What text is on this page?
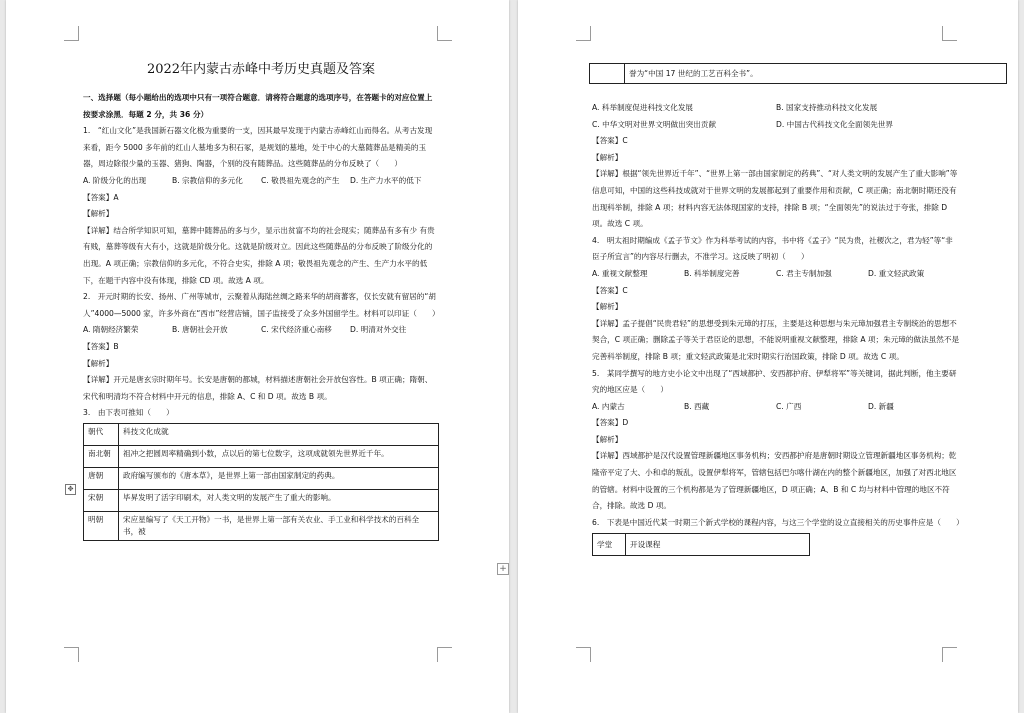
2022年内蒙古赤峰中考历史真题及答案

一、选择题（每小题给出的选项中只有一项符合题意．请将符合题意的选项序号，在答题卡的对应位置上按要求涂黑．每题 2 分，共 36 分）

1.　“红山文化”是我国新石器文化极为重要的一支，因其最早发现于内蒙古赤峰红山而得名。从考古发现来看，距今 5000 多年前的红山人墓地多为积石冢，是规划的墓地，处于中心的大墓随葬品是精美的玉器，周边除很少量的玉器、猪狗、陶器，个别的没有随葬品。这些随葬品的分布反映了（　　）

A. 阶级分化的出现	B. 宗教信仰的多元化	C. 敬畏祖先观念的产生	D. 生产力水平的低下

【答案】A

【解析】

【详解】结合所学知识可知，墓葬中随葬品的多与少，显示出贫富不均的社会现实；随葬品有多有少 有贵有贱，墓葬等级有大有小，这就是阶级分化。这就是阶级对立。因此这些随葬品的分布反映了阶级分化的出现。A 项正确；宗教信仰的多元化，不符合史实，排除 A 项；敬畏祖先观念的产生、生产力水平的低下，在题干内容中没有体现，排除 CD 项。故选 A 项。

2.　开元时期的长安、扬州、广州等城市，云聚着从海陆丝绸之路来华的胡商蕃客，仅长安就有留居的“胡人”4000—5000 家，许多外商在“西市”经营店铺，国子监接受了众多外国留学生。材料可以印证（　　）

A. 隋朝经济繁荣	B. 唐朝社会开放	C. 宋代经济重心南移	D. 明清对外交往

【答案】B

【解析】

【详解】开元是唐玄宗时期年号。长安是唐朝的都城，材料描述唐朝社会开放包容性。B 项正确；隋朝、宋代和明清均不符合材料中开元的信息，排除 A、C 和 D 项。故选 B 项。

3.　由下表可推知（　　）

朝代	科技文化成就
南北朝	祖冲之把圆周率精确到小数，点以后的第七位数字，这项成就领先世界近千年。
唐朝	政府编写颁布的《唐本草》，是世界上第一部由国家制定的药典。
宋朝	毕昇发明了活字印刷术，对人类文明的发展产生了重大的影响。
明朝	宋应星编写了《天工开物》一书，是世界上第一部有关农业、手工业和科学技术的百科全书，被
✥
+
A. 科举制度促进科技文化发展	B. 国家支持推动科技文化发展
C. 中华文明对世界文明做出突出贡献	D. 中国古代科技文化全面领先世界

【答案】C

【解析】

【详解】根据“领先世界近千年”、“世界上第一部由国家制定的药典”、“对人类文明的发展产生了重大影响”等信息可知，中国的这些科技成就对于世界文明的发展都起到了重要作用和贡献，C 项正确；南北朝时期还没有出现科举制，排除 A 项；材料内容无法体现国家的支持，排除 B 项；“全面领先”的说法过于夸张，排除 D 项。故选 C 项。

4.　明太祖时期编成《孟子节文》作为科举考试的内容，书中将《孟子》“民为贵，社稷次之，君为轻”等“非臣子所宜言”的内容尽行删去，不准学习。这反映了明初（　　）

A. 重视文献整理	B. 科举制度完善	C. 君主专制加强	D. 重文轻武政策

【答案】C

【解析】

【详解】孟子提倡“民贵君轻”的思想受到朱元璋的打压，主要是这种思想与朱元璋加强君主专制统治的思想不契合，C 项正确；删除孟子等关于君臣论的思想，不能说明重视文献整理，排除 A 项；朱元璋的做法虽然不是完善科举制度，排除 B 项；重文轻武政策是北宋时期实行治国政策，排除 D 项。故选 C 项。

5.　某同学撰写的地方史小论文中出现了“西域都护、安西都护府、伊犁将军”等关键词，据此判断，他主要研究的地区应是（　　）

A. 内蒙古	B. 西藏	C. 广西	D. 新疆

【答案】D

【解析】

【详解】西域都护是汉代设置管理新疆地区事务机构；安西都护府是唐朝时期设立管理新疆地区事务机构；乾隆帝平定了大、小和卓的叛乱，设置伊犁将军，管辖包括巴尔喀什湖在内的整个新疆地区，加强了对西北地区的管辖。材料中设置的三个机构都是为了管理新疆地区，D 项正确；A、B 和 C 均与材料中管理的地区不符合，排除。故选 D 项。

6.　下表是中国近代某一时期三个新式学校的课程内容，与这三个学堂的设立直接相关的历史事件应是（　　）

学堂	开设课程
	誉为“中国 17 世纪的工艺百科全书”。
